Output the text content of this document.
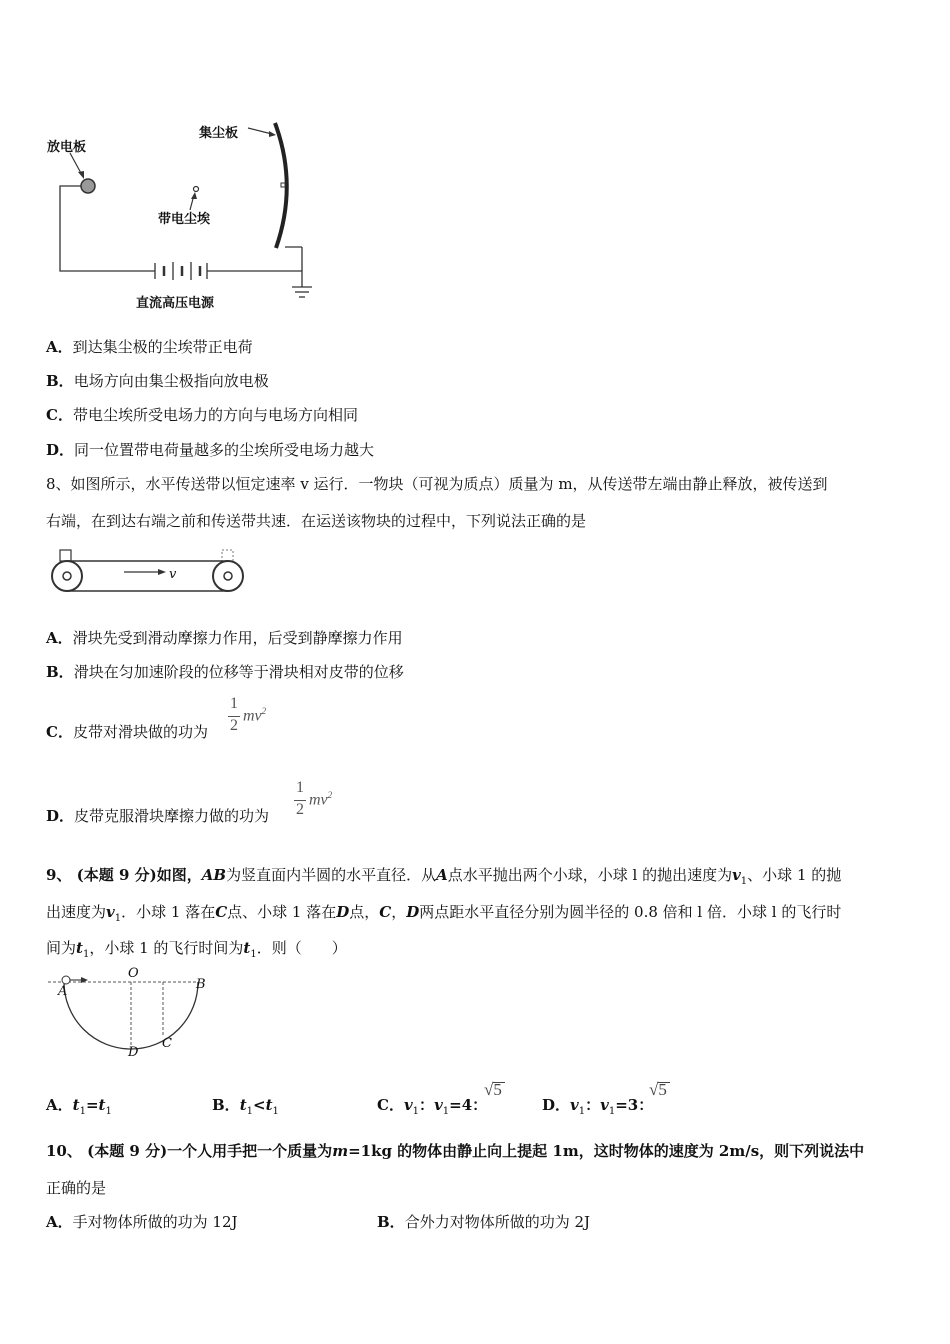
放电板
集尘板
带电尘埃
直流高压电源
A．到达集尘极的尘埃带正电荷
B．电场方向由集尘极指向放电极
C．带电尘埃所受电场力的方向与电场方向相同
D．同一位置带电荷量越多的尘埃所受电场力越大
8、如图所示，水平传送带以恒定速率 v 运行．一物块（可视为质点）质量为 m，从传送带左端由静止释放，被传送到
右端，在到达右端之前和传送带共速．在运送该物块的过程中，下列说法正确的是
v
A．滑块先受到滑动摩擦力作用，后受到静摩擦力作用
B．滑块在匀加速阶段的位移等于滑块相对皮带的位移
C．皮带对滑块做的功为
1
2
$mv^2$
D．皮带克服滑块摩擦力做的功为
1
2
$mv^2$
9、 (本题 9 分)如图，AB为竖直面内半圆的水平直径．从A点水平抛出两个小球，小球 l 的抛出速度为$v_1$、小球 1 的抛
出速度为$v_1$．小球 1 落在C点、小球 1 落在D点，C，D两点距水平直径分别为圆半径的 0.8 倍和 l 倍．小球 l 的飞行时
间为$t_1$，小球 1 的飞行时间为$t_1$．则（　　）
O
A	B
C
D
A．$t_1=t_1$	B．$t_1<t_1$	C．$v_1$：$v_1=4$：
√
5
D．$v_1$：$v_1=3$：
√
5
10、 (本题 9 分)一个人用手把一个质量为m=1kg 的物体由静止向上提起 1m，这时物体的速度为 2m/s，则下列说法中
正确的是
A．手对物体所做的功为 12J	B．合外力对物体所做的功为 2J
